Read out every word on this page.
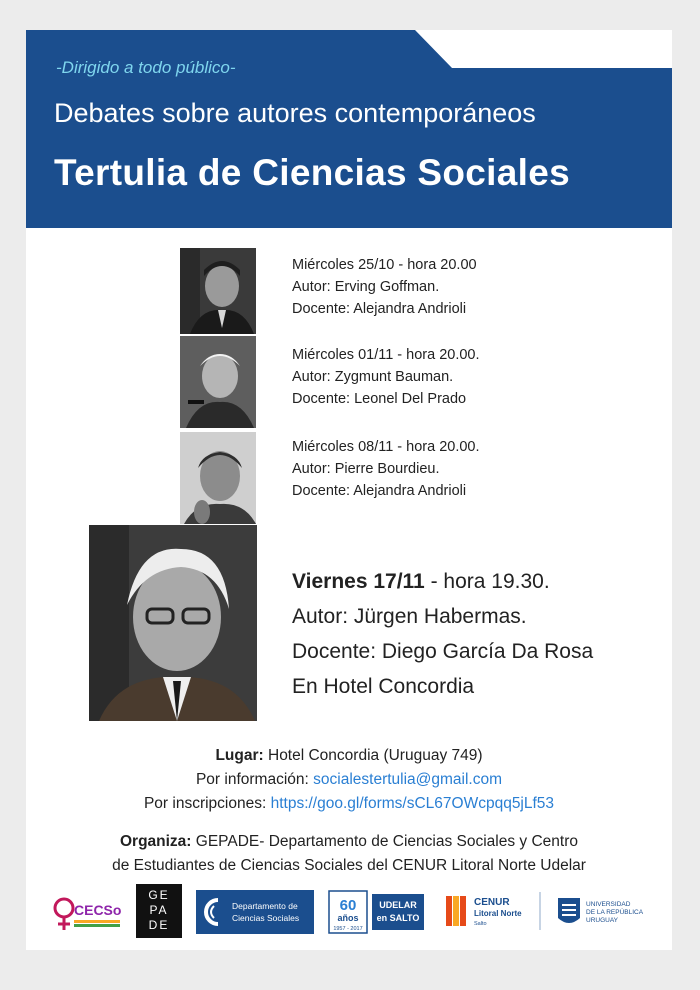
-Dirigido a todo público-
Debates sobre autores contemporáneos
Tertulia de Ciencias Sociales
Miércoles 25/10 - hora 20.00
Autor: Erving Goffman.
Docente: Alejandra Andrioli
Miércoles 01/11 - hora 20.00.
Autor: Zygmunt Bauman.
Docente: Leonel Del Prado
Miércoles 08/11 - hora 20.00.
Autor: Pierre Bourdieu.
Docente: Alejandra Andrioli
Viernes 17/11 - hora 19.30.
Autor: Jürgen Habermas.
Docente: Diego García Da Rosa
En Hotel Concordia
Lugar: Hotel Concordia (Uruguay 749)
Por información: socialestertulia@gmail.com
Por inscripciones: https://goo.gl/forms/sCL67OWcpqq5jLf53
Organiza: GEPADE- Departamento de Ciencias Sociales y Centro
de Estudiantes de Ciencias Sociales del CENUR Litoral Norte Udelar
CECSo
GE
PA
DE
Departamento de
Ciencias Sociales
60
años
1957 - 2017
UDELAR
en SALTO
CENUR
Litoral Norte
Salto
UNIVERSIDAD
DE LA REPÚBLICA
URUGUAY
